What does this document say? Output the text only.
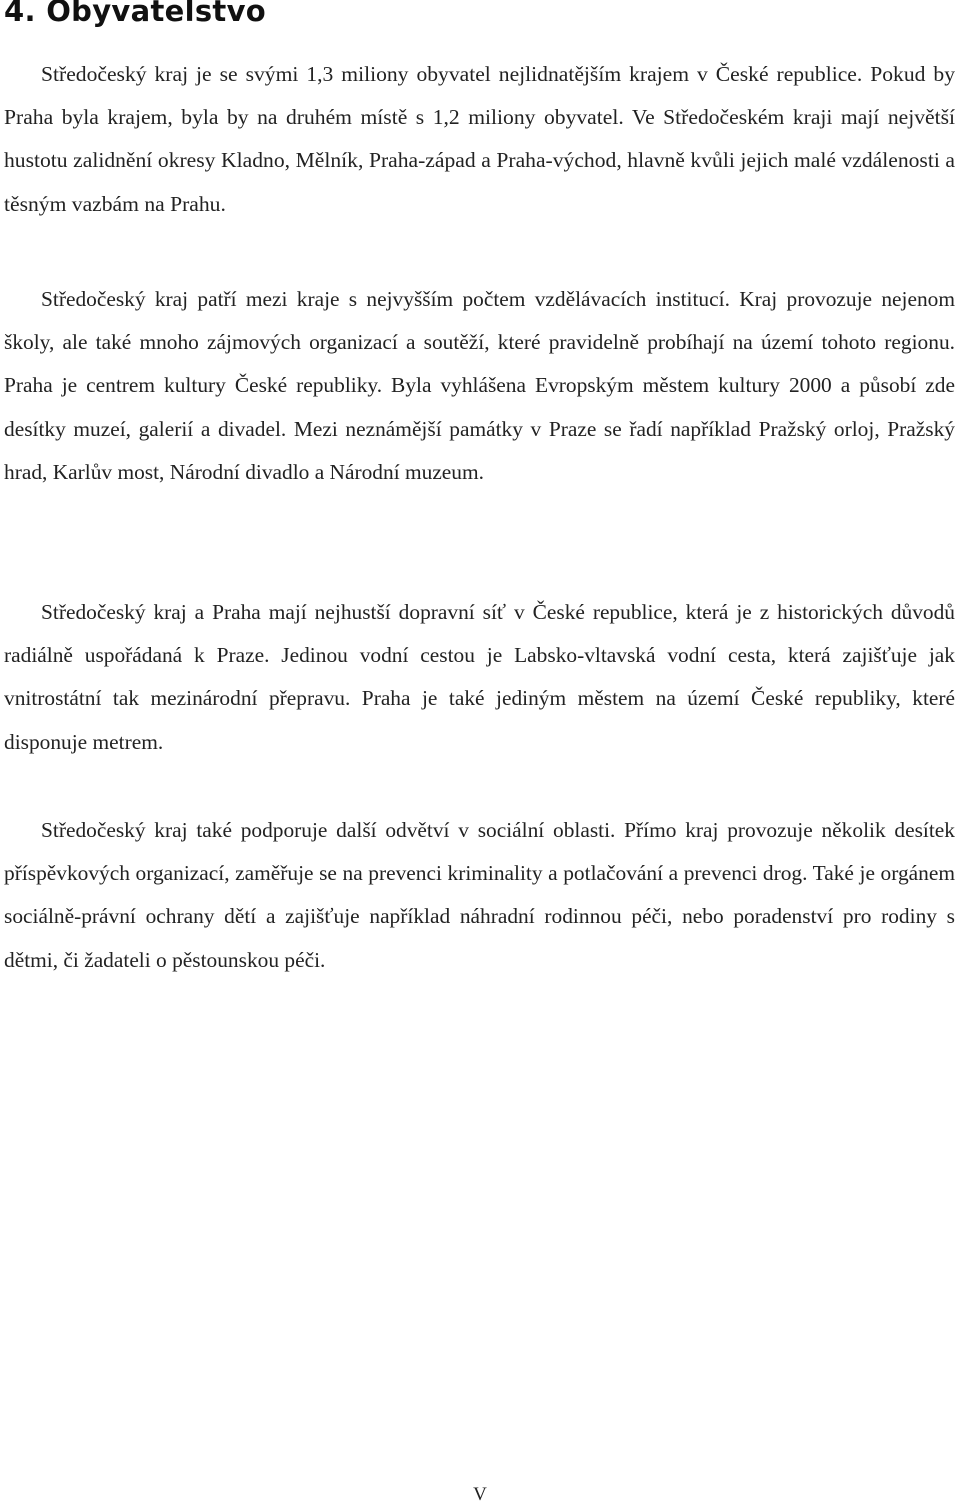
4. Obyvatelstvo

Středočeský kraj je se svými 1,3 miliony obyvatel nejlidnatějším krajem v České republice. Pokud by Praha byla krajem, byla by na druhém místě s 1,2 miliony obyvatel. Ve Středočeském kraji mají největší hustotu zalidnění okresy Kladno, Mělník, Praha-západ a Praha-východ, hlavně kvůli jejich malé vzdálenosti a těsným vazbám na Prahu.

Středočeský kraj patří mezi kraje s nejvyšším počtem vzdělávacích institucí. Kraj provozuje nejenom školy, ale také mnoho zájmových organizací a soutěží, které pravidelně probíhají na území tohoto regionu. Praha je centrem kultury České republiky. Byla vyhlášena Evropským městem kultury 2000 a působí zde desítky muzeí, galerií a divadel. Mezi neznámější památky v Praze se řadí například Pražský orloj, Pražský hrad, Karlův most, Národní divadlo a Národní muzeum.

Středočeský kraj a Praha mají nejhustší dopravní síť v České republice, která je z historických důvodů radiálně uspořádaná k Praze. Jedinou vodní cestou je Labsko-vltavská vodní cesta, která zajišťuje jak vnitrostátní tak mezinárodní přepravu. Praha je také jediným městem na území České republiky, které disponuje metrem.

Středočeský kraj také podporuje další odvětví v sociální oblasti. Přímo kraj provozuje několik desítek příspěvkových organizací, zaměřuje se na prevenci kriminality a potlačování a prevenci drog. Také je orgánem sociálně-právní ochrany dětí a zajišťuje například náhradní rodinnou péči, nebo poradenství pro rodiny s dětmi, či žadateli o pěstounskou péči.

V
